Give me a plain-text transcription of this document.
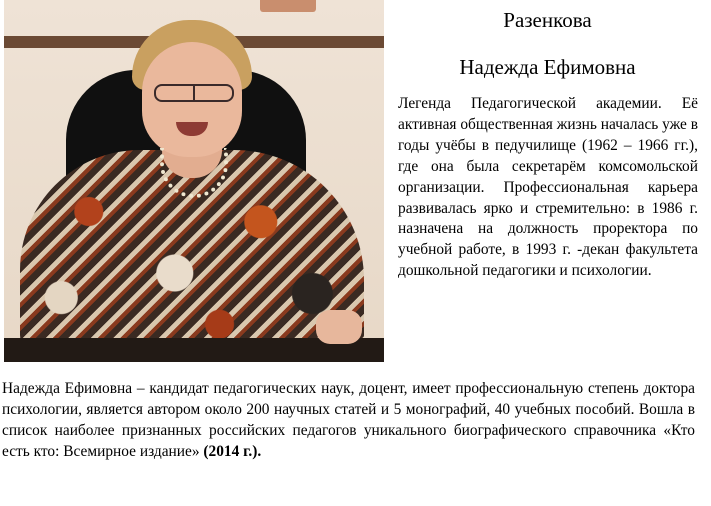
Разенкова
Надежда Ефимовна

Легенда Педагогической академии. Её активная общественная жизнь началась уже в годы учёбы в педучилище (1962 – 1966 гг.), где она была секретарём комсомольской организации. Профессиональная карьера развивалась ярко и стремительно: в 1986 г. назначена на должность проректора по учебной работе, в 1993 г. -декан факультета дошкольной педагогики и психологии.

Надежда Ефимовна – кандидат педагогических наук, доцент, имеет профессиональную степень доктора психологии, является автором около 200 научных статей и 5 монографий, 40 учебных пособий. Вошла в список наиболее признанных российских педагогов уникального биографического справочника «Кто есть кто: Всемирное издание» (2014 г.).
